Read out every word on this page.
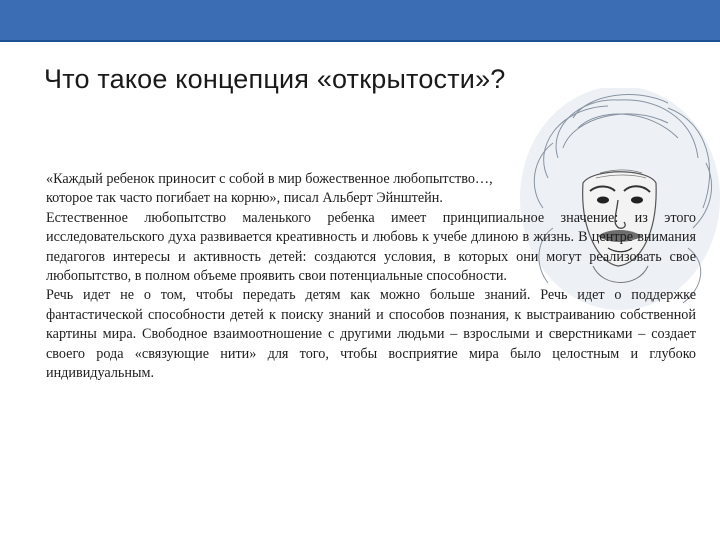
Что такое концепция «открытости»?

«Каждый ребенок приносит с собой в мир божественное любопытство…, которое так часто погибает на корню», писал Альберт Эйнштейн.

Естественное любопытство маленького ребенка имеет принципиальное значение: из этого исследовательского духа развивается креативность и любовь к учебе длиною в жизнь. В центре внимания педагогов интересы и активность детей: создаются условия, в которых они могут реализовать свое любопытство, в полном объеме проявить свои потенциальные способности.

Речь идет не о том, чтобы передать детям как можно больше знаний. Речь идет о поддержке фантастической способности детей к поиску знаний и способов познания, к выстраиванию собственной картины мира. Свободное взаимоотношение с другими людьми – взрослыми и сверстниками – создает своего рода «связующие нити» для того, чтобы восприятие мира было целостным и глубоко индивидуальным.
